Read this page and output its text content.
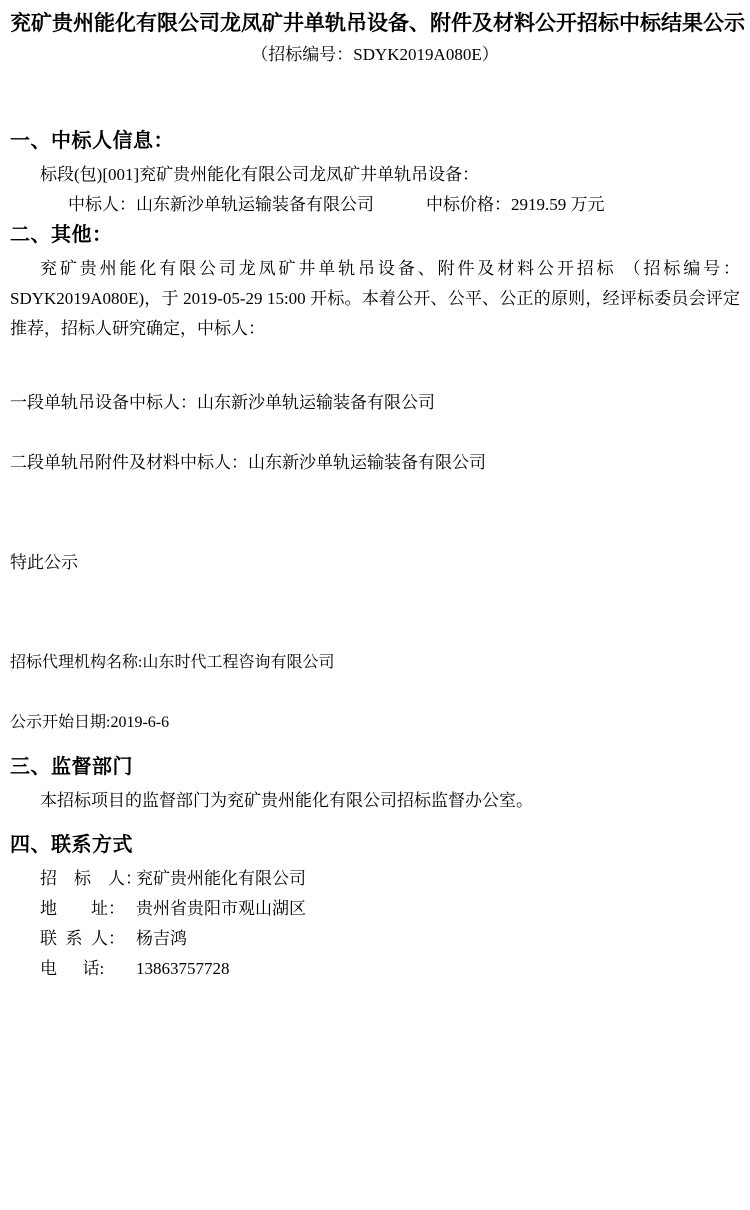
兖矿贵州能化有限公司龙凤矿井单轨吊设备、附件及材料公开招标中标结果公示
（招标编号：SDYK2019A080E）
一、中标人信息：
标段(包)[001]兖矿贵州能化有限公司龙凤矿井单轨吊设备：
中标人： 山东新沙单轨运输装备有限公司	中标价格： 2919.59 万元
二、其他：
兖矿贵州能化有限公司龙凤矿井单轨吊设备、附件及材料公开招标 （招标编号：SDYK2019A080E)，于 2019-05-29 15:00 开标。本着公开、公平、公正的原则，经评标委员会评定推荐，招标人研究确定，中标人：
一段单轨吊设备中标人：山东新沙单轨运输装备有限公司
二段单轨吊附件及材料中标人：山东新沙单轨运输装备有限公司
特此公示
招标代理机构名称:山东时代工程咨询有限公司
公示开始日期:2019-6-6
三、监督部门
本招标项目的监督部门为兖矿贵州能化有限公司招标监督办公室。
四、联系方式
招    标    人：
兖矿贵州能化有限公司
地        址： 贵州省贵阳市观山湖区
联  系  人： 杨吉鸿
电      话:	13863757728
